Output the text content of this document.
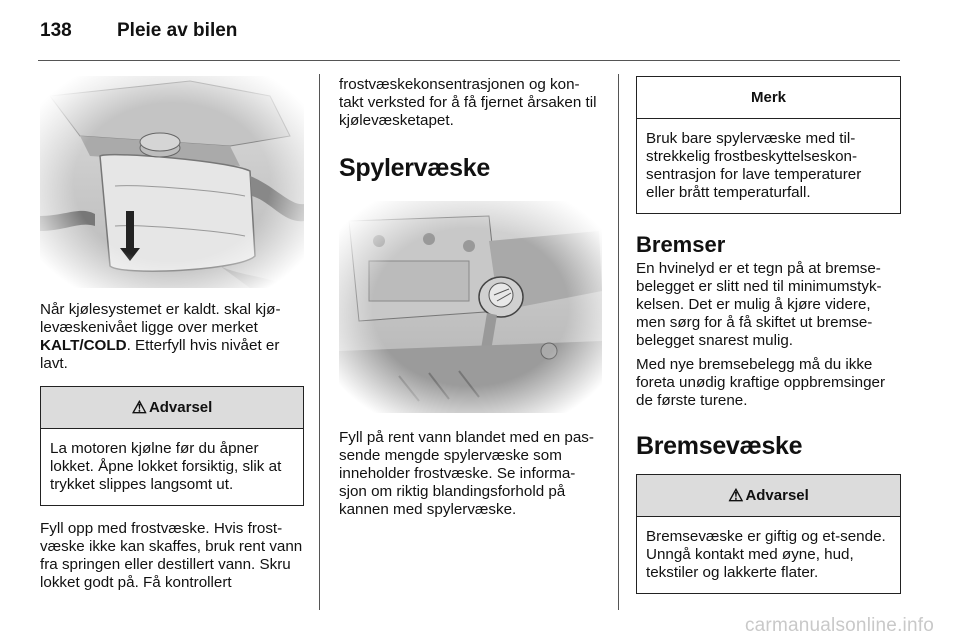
138 Pleie av bilen

Når kjølesystemet er kaldt. skal kjø-levæskenivået ligge over merket KALT/COLD. Etterfyll hvis nivået er lavt.

⚠ Advarsel
La motoren kjølne før du åpner lokket. Åpne lokket forsiktig, slik at trykket slippes langsomt ut.

Fyll opp med frostvæske. Hvis frost-væske ikke kan skaffes, bruk rent vann fra springen eller destillert vann. Skru lokket godt på. Få kontrollert

frostvæskekonsentrasjonen og kon-takt verksted for å få fjernet årsaken til kjølevæsketapet.

Spylervæske

Fyll på rent vann blandet med en pas-sende mengde spylervæske som inneholder frostvæske. Se informa-sjon om riktig blandingsforhold på kannen med spylervæske.

Merk
Bruk bare spylervæske med til-strekkelig frostbeskyttelseskon-sentrasjon for lave temperaturer eller brått temperaturfall.
Bremser

En hvinelyd er et tegn på at bremse-belegget er slitt ned til minimumstyk-kelsen. Det er mulig å kjøre videre, men sørg for å få skiftet ut bremse-belegget snarest mulig.

Med nye bremsebelegg må du ikke foreta unødig kraftige oppbremsinger de første turene.

Bremsevæske
⚠ Advarsel
Bremsevæske er giftig og et-sende. Unngå kontakt med øyne, hud, tekstiler og lakkerte flater.
carmanualsonline.info
